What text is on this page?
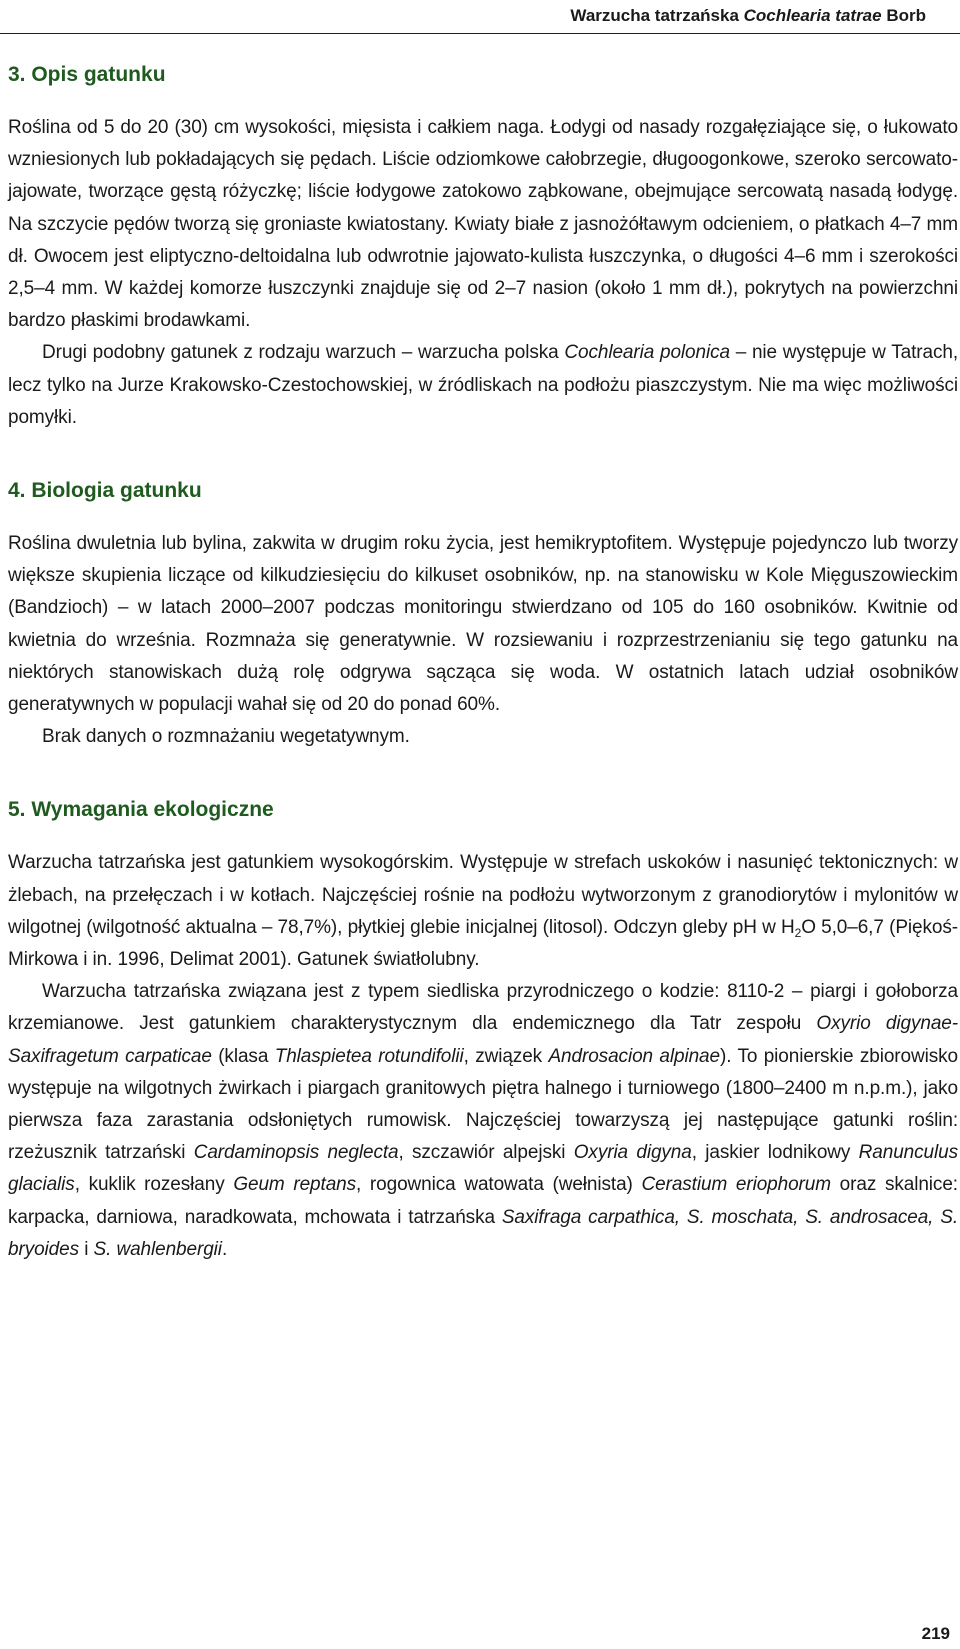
Warzucha tatrzańska Cochlearia tatrae Borb
3. Opis gatunku

Roślina od 5 do 20 (30) cm wysokości, mięsista i całkiem naga. Łodygi od nasady rozgałęziające się, o łukowato wzniesionych lub pokładających się pędach. Liście odziomkowe całobrzegie, długoogonkowe, szeroko sercowato-jajowate, tworzące gęstą różyczkę; liście łodygowe zatokowo ząbkowane, obejmujące sercowatą nasadą łodygę. Na szczycie pędów tworzą się groniaste kwiatostany. Kwiaty białe z jasnożółtawym odcieniem, o płatkach 4–7 mm dł. Owocem jest eliptyczno-deltoidalna lub odwrotnie jajowato-kulista łuszczynka, o długości 4–6 mm i szerokości 2,5–4 mm. W każdej komorze łuszczynki znajduje się od 2–7 nasion (około 1 mm dł.), pokrytych na powierzchni bardzo płaskimi brodawkami.

Drugi podobny gatunek z rodzaju warzuch – warzucha polska Cochlearia polonica – nie występuje w Tatrach, lecz tylko na Jurze Krakowsko-Czestochowskiej, w źródliskach na podłożu piaszczystym. Nie ma więc możliwości pomyłki.

4. Biologia gatunku

Roślina dwuletnia lub bylina, zakwita w drugim roku życia, jest hemikryptofitem. Występuje pojedynczo lub tworzy większe skupienia liczące od kilkudziesięciu do kilkuset osobników, np. na stanowisku w Kole Mięguszowieckim (Bandzioch) – w latach 2000–2007 podczas monitoringu stwierdzano od 105 do 160 osobników. Kwitnie od kwietnia do września. Rozmnaża się generatywnie. W rozsiewaniu i rozprzestrzenianiu się tego gatunku na niektórych stanowiskach dużą rolę odgrywa sącząca się woda. W ostatnich latach udział osobników generatywnych w populacji wahał się od 20 do ponad 60%.

Brak danych o rozmnażaniu wegetatywnym.

5. Wymagania ekologiczne

Warzucha tatrzańska jest gatunkiem wysokogórskim. Występuje w strefach uskoków i nasunięć tektonicznych: w żlebach, na przełęczach i w kotłach. Najczęściej rośnie na podłożu wytworzonym z granodiorytów i mylonitów w wilgotnej (wilgotność aktualna – 78,7%), płytkiej glebie inicjalnej (litosol). Odczyn gleby pH w $H_2O$ 5,0–6,7 (Piękoś-Mirkowa i in. 1996, Delimat 2001). Gatunek światłolubny.

Warzucha tatrzańska związana jest z typem siedliska przyrodniczego o kodzie: 8110-2 – piargi i gołoborza krzemianowe. Jest gatunkiem charakterystycznym dla endemicznego dla Tatr zespołu Oxyrio digynae-Saxifragetum carpaticae (klasa Thlaspietea rotundifolii, związek Androsacion alpinae). To pionierskie zbiorowisko występuje na wilgotnych żwirkach i piargach granitowych piętra halnego i turniowego (1800–2400 m n.p.m.), jako pierwsza faza zarastania odsłoniętych rumowisk. Najczęściej towarzyszą jej następujące gatunki roślin: rzeżusznik tatrzański Cardaminopsis neglecta, szczawiór alpejski Oxyria digyna, jaskier lodnikowy Ranunculus glacialis, kuklik rozesłany Geum reptans, rogownica watowata (wełnista) Cerastium eriophorum oraz skalnice: karpacka, darniowa, naradkowata, mchowata i tatrzańska Saxifraga carpathica, S. moschata, S. androsacea, S. bryoides i S. wahlenbergii.

219
